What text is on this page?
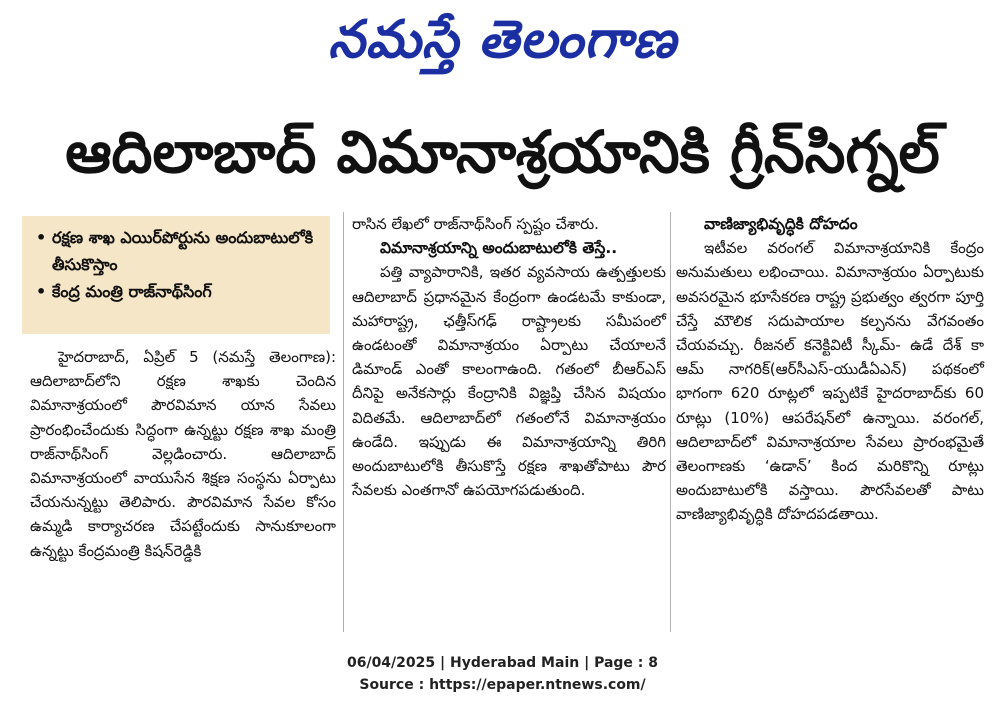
నమస్తే తెలంగాణ
ఆదిలాబాద్ విమానాశ్రయానికి గ్రీన్‌సిగ్నల్
• రక్షణ శాఖ ఎయిర్‌పోర్టును అందుబాటులోకి తీసుకొస్తాం
• కేంద్ర మంత్రి రాజ్‌నాథ్‌సింగ్

హైదరాబాద్, ఏప్రిల్ 5 (నమస్తే తెలంగాణ): ఆదిలాబాద్‌లోని రక్షణ శాఖకు చెందిన విమానాశ్రయంలో పౌరవిమాన యాన సేవలు ప్రారంభించేందుకు సిద్ధంగా ఉన్నట్టు రక్షణ శాఖ మంత్రి రాజ్‌నాథ్‌సింగ్ వెల్లడించారు. ఆదిలాబాద్ విమానాశ్రయంలో వాయుసేన శిక్షణ సంస్థను ఏర్పాటు చేయనున్నట్టు తెలిపారు. పౌరవిమాన సేవల కోసం ఉమ్మడి కార్యాచరణ చేపట్టేందుకు సానుకూలంగా ఉన్నట్టు కేంద్రమంత్రి కిషన్‌రెడ్డికి

రాసిన లేఖలో రాజ్‌నాథ్‌సింగ్ స్పష్టం చేశారు.

విమానాశ్రయాన్ని అందుబాటులోకి తెస్తే..

పత్తి వ్యాపారానికి, ఇతర వ్యవసాయ ఉత్పత్తులకు ఆదిలాబాద్ ప్రధానమైన కేంద్రంగా ఉండటమే కాకుండా, మహారాష్ట్ర, ఛత్తీస్‌గఢ్ రాష్ట్రాలకు సమీపంలో ఉండటంతో విమానాశ్రయం ఏర్పాటు చేయాలనే డిమాండ్ ఎంతో కాలంగాఉంది. గతంలో బీఆర్‌ఎస్ దీనిపై అనేకసార్లు కేంద్రానికి విజ్ఞప్తి చేసిన విషయం విదితమే. ఆదిలాబాద్‌లో గతంలోనే విమానాశ్రయం ఉండేది. ఇప్పుడు ఈ విమానాశ్రయాన్ని తిరిగి అందుబాటులోకి తీసుకొస్తే రక్షణ శాఖతోపాటు పౌర సేవలకు ఎంతగానో ఉపయోగపడుతుంది.

వాణిజ్యాభివృద్ధికి దోహదం

ఇటీవల వరంగల్ విమానాశ్రయానికి కేంద్రం అనుమతులు లభించాయి. విమానాశ్రయం ఏర్పాటుకు అవసరమైన భూసేకరణ రాష్ట్ర ప్రభుత్వం త్వరగా పూర్తి చేస్తే మౌలిక సదుపాయాల కల్పనను వేగవంతం చేయవచ్చు. రీజనల్ కనెక్టివిటీ స్కీమ్- ఉడే దేశ్ కా ఆమ్ నాగరిక్(ఆర్‌సీఎస్-యుడీఏఎన్) పథకంలో భాగంగా 620 రూట్లలో ఇప్పటికే హైదరాబాద్‌కు 60 రూట్లు (10%) ఆపరేషన్‌లో ఉన్నాయి. వరంగల్, ఆదిలాబాద్‌లో విమానాశ్రయాల సేవలు ప్రారంభమైతే తెలంగాణకు ‘ఉడాన్’ కింద మరికొన్ని రూట్లు అందుబాటులోకి వస్తాయి. పౌరసేవలతో పాటు వాణిజ్యాభివృద్ధికి దోహదపడతాయి.

06/04/2025 | Hyderabad Main | Page : 8
Source : https://epaper.ntnews.com/
